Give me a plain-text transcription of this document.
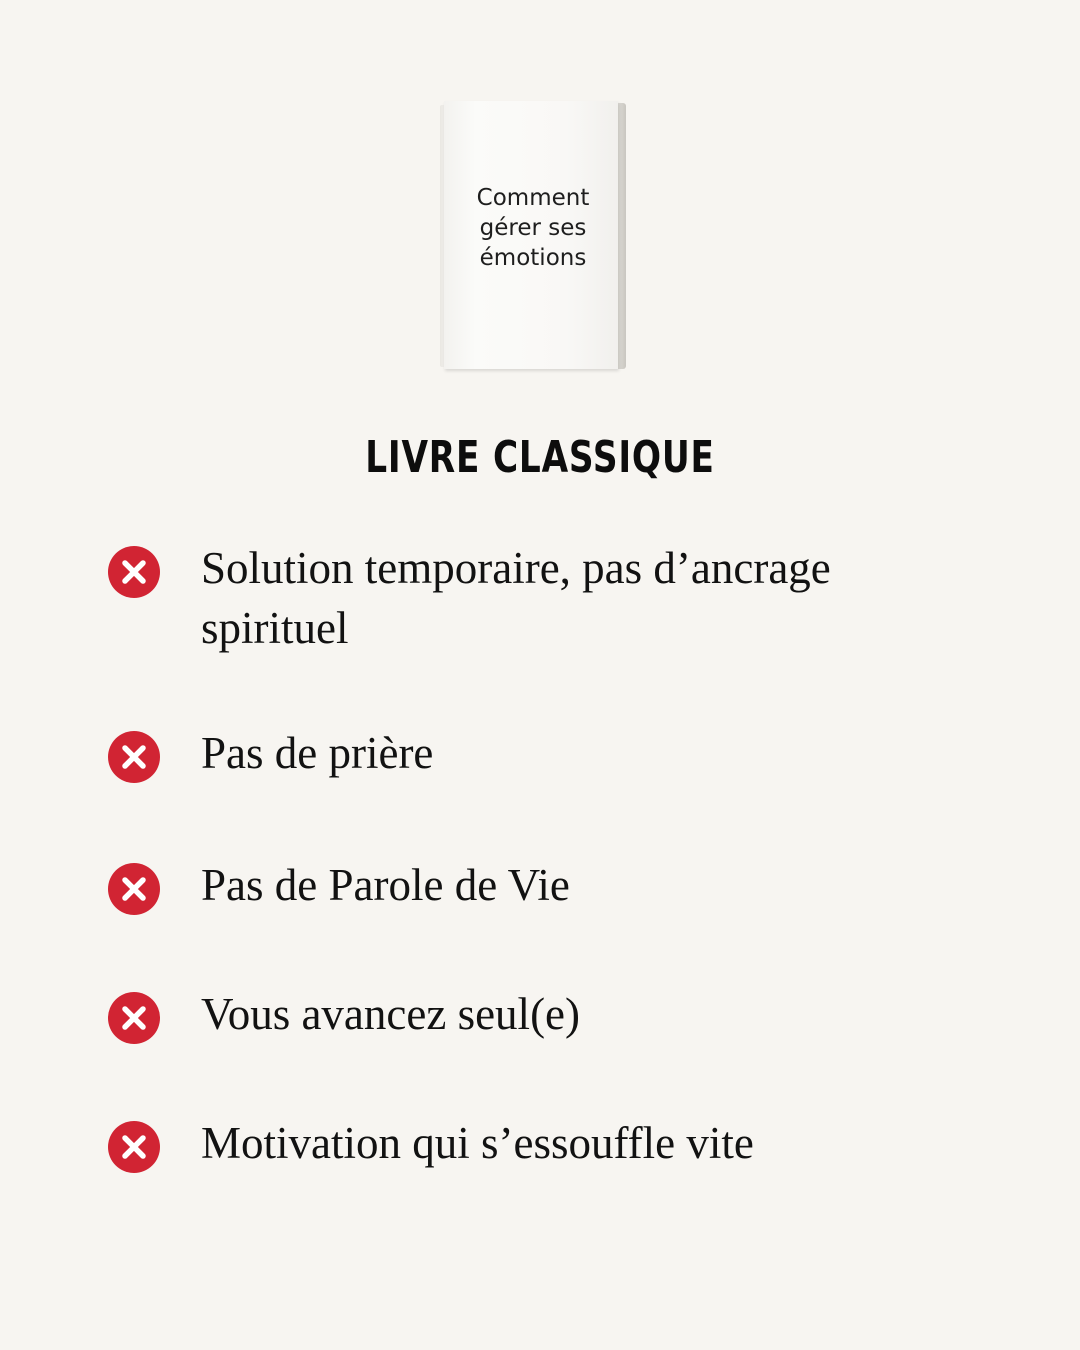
Comment
gérer ses
émotions
LIVRE CLASSIQUE
Solution temporaire, pas d’ancrage spirituel
Pas de prière
Pas de Parole de Vie
Vous avancez seul(e)
Motivation qui s’essouffle vite
